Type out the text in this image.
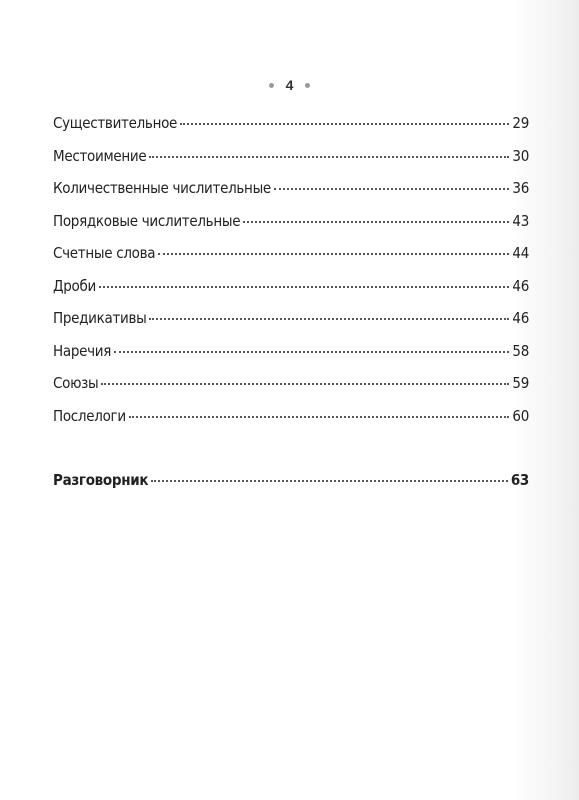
4
Существительное	29
Местоимение	30
Количественные числительные	36
Порядковые числительные	43
Счетные слова	44
Дроби	46
Предикативы	46
Наречия	58
Союзы	59
Послелоги	60
Разговорник	63
